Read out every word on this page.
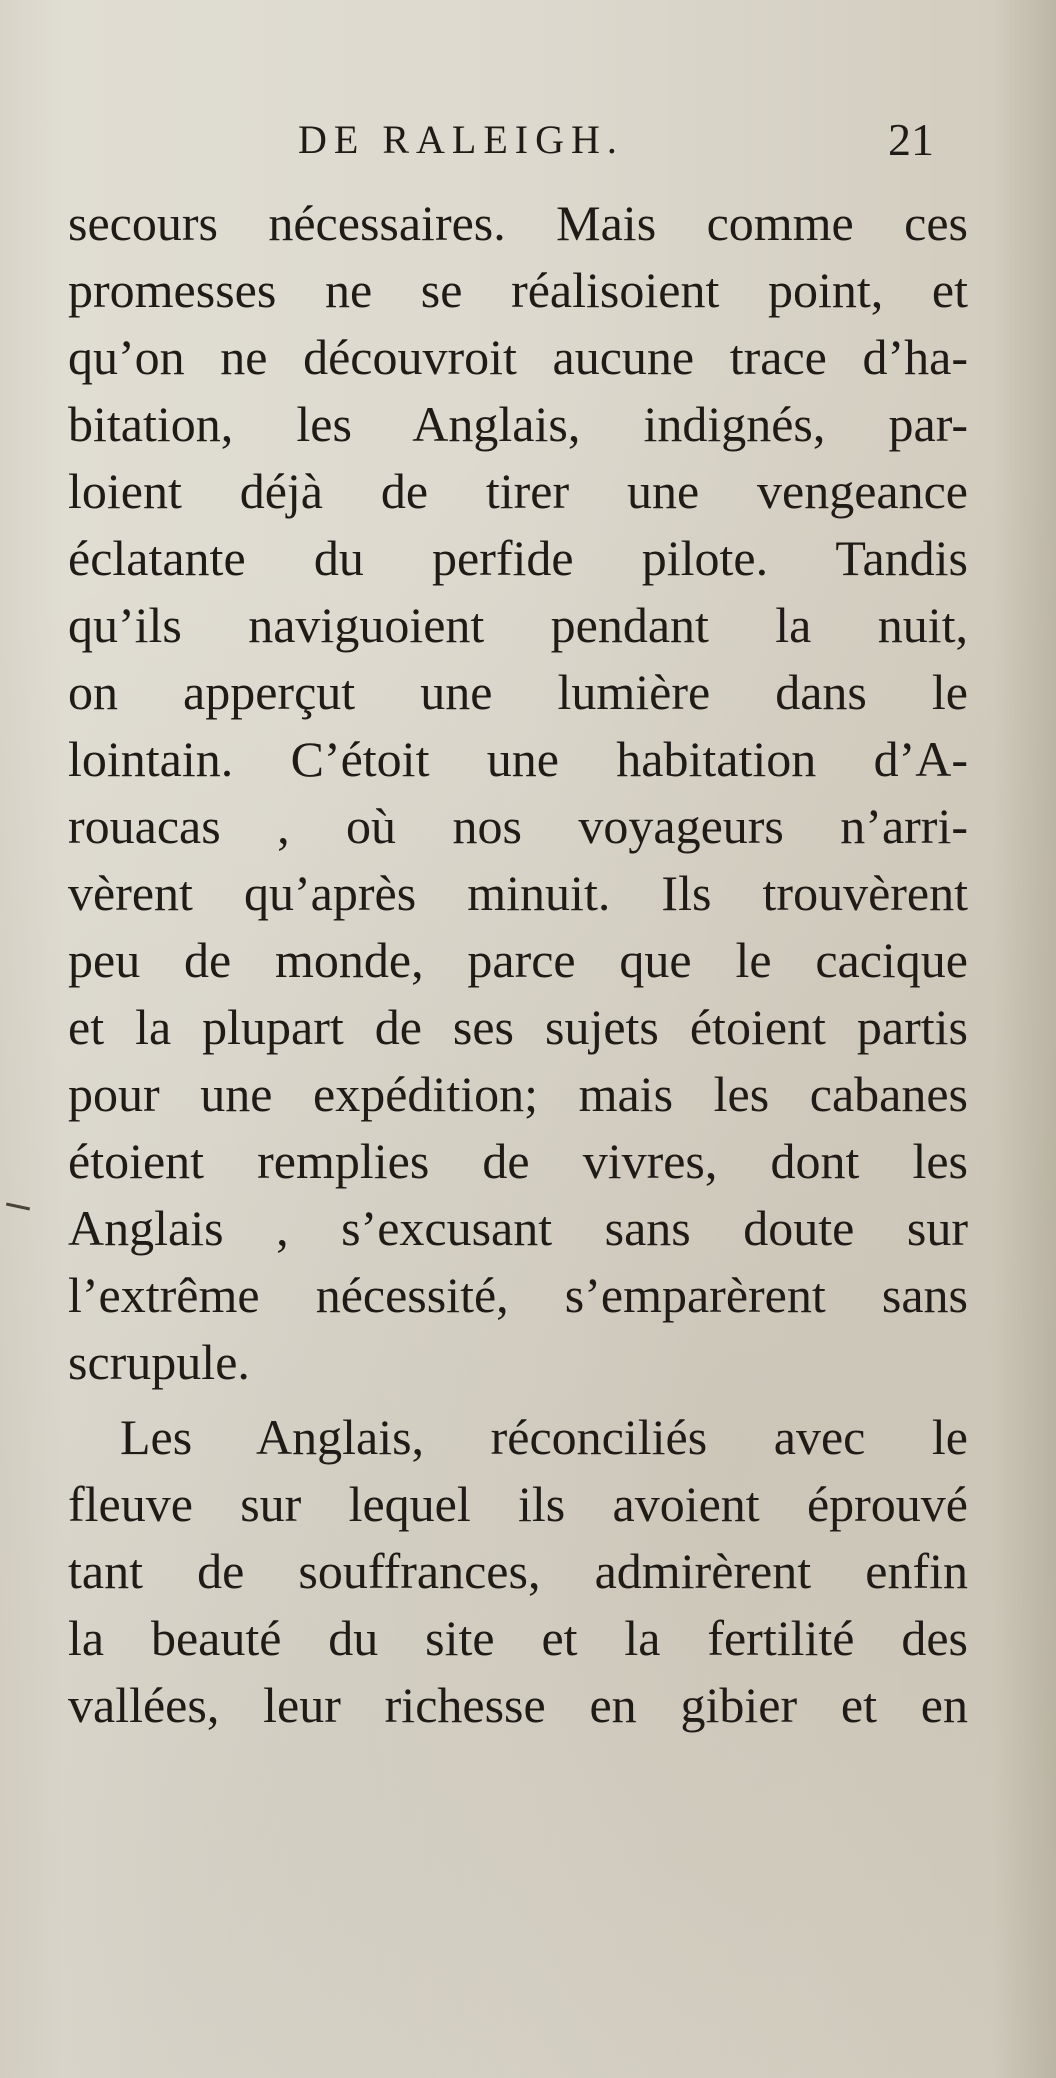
DE RALEIGH.	21
secours nécessaires. Mais comme ces
promesses ne se réalisoient point, et
qu’on ne découvroit aucune trace d’ha-
bitation, les Anglais, indignés, par-
loient déjà de tirer une vengeance
éclatante du perfide pilote. Tandis
qu’ils naviguoient pendant la nuit,
on apperçut une lumière dans le
lointain. C’étoit une habitation d’A-
rouacas , où nos voyageurs n’arri-
vèrent qu’après minuit. Ils trouvèrent
peu de monde, parce que le cacique
et la plupart de ses sujets étoient partis
pour une expédition; mais les cabanes
étoient remplies de vivres, dont les
Anglais , s’excusant sans doute sur
l’extrême nécessité, s’emparèrent sans
scrupule.
Les Anglais, réconciliés avec le
fleuve sur lequel ils avoient éprouvé
tant de souffrances, admirèrent enfin
la beauté du site et la fertilité des
vallées, leur richesse en gibier et en
